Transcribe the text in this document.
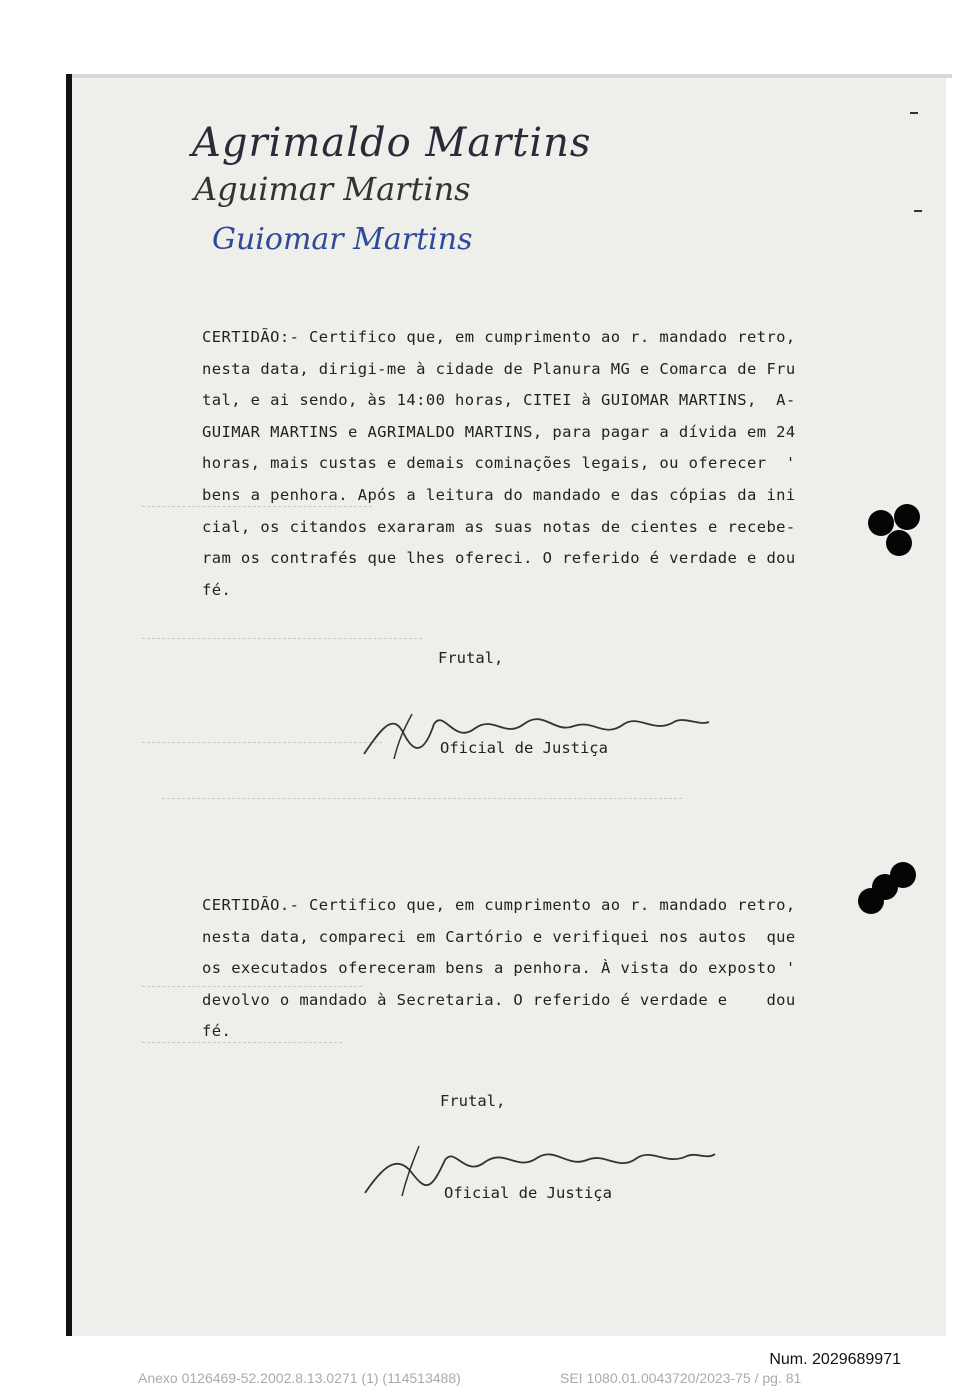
Agrimaldo Martins
Aguimar Martins
Guiomar Martins

CERTIDÃO:- Certifico que, em cumprimento ao r. mandado retro,

nesta data, dirigi-me à cidade de Planura MG e Comarca de Fru

tal, e ai sendo, às 14:00 horas, CITEI à GUIOMAR MARTINS,  A-

GUIMAR MARTINS e AGRIMALDO MARTINS, para pagar a dívida em 24

horas, mais custas e demais cominações legais, ou oferecer  '

bens a penhora. Após a leitura do mandado e das cópias da ini

cial, os citandos exararam as suas notas de cientes e recebe-

ram os contrafés que lhes ofereci. O referido é verdade e dou

fé.

Frutal,
Oficial de Justiça

CERTIDÃO.- Certifico que, em cumprimento ao r. mandado retro,

nesta data, compareci em Cartório e verifiquei nos autos  que

os executados ofereceram bens a penhora. À vista do exposto '

devolvo o mandado à Secretaria. O referido é verdade e    dou

fé.

Frutal,
Oficial de Justiça
Num. 2029689971
Anexo 0126469-52.2002.8.13.0271 (1) (114513488)	SEI 1080.01.0043720/2023-75 / pg. 81
